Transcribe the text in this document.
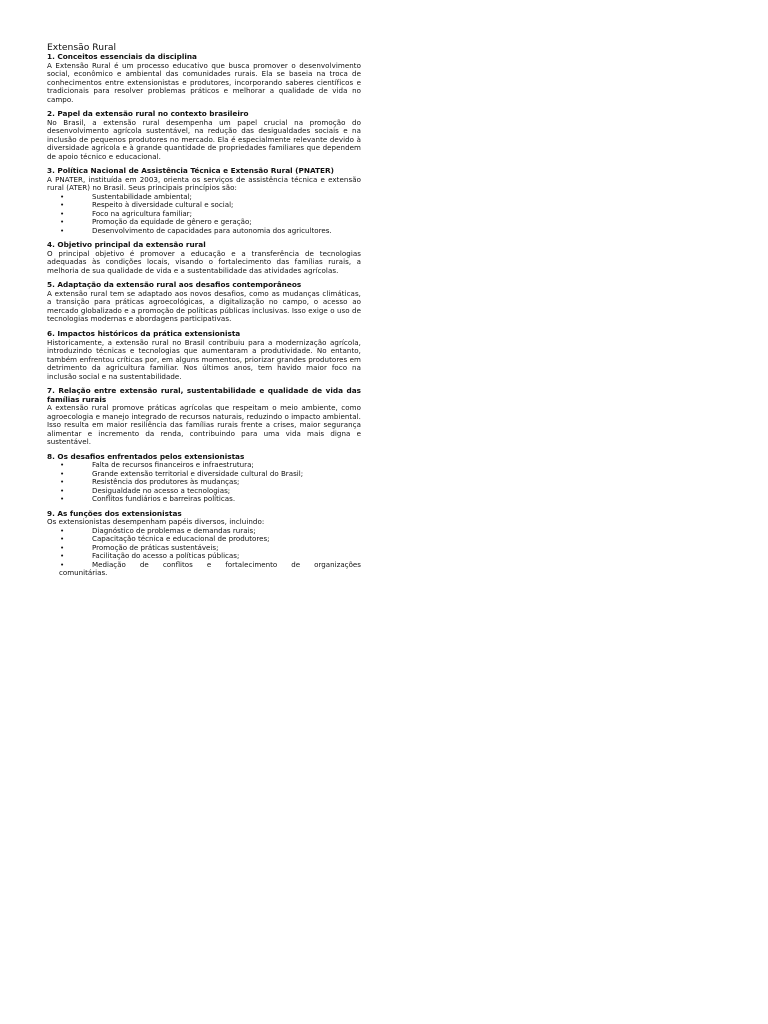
Extensão Rural
1. Conceitos essenciais da disciplina
A Extensão Rural é um processo educativo que busca promover o desenvolvimento social, econômico e ambiental das comunidades rurais. Ela se baseia na troca de conhecimentos entre extensionistas e produtores, incorporando saberes científicos e tradicionais para resolver problemas práticos e melhorar a qualidade de vida no campo.
2. Papel da extensão rural no contexto brasileiro
No Brasil, a extensão rural desempenha um papel crucial na promoção do desenvolvimento agrícola sustentável, na redução das desigualdades sociais e na inclusão de pequenos produtores no mercado. Ela é especialmente relevante devido à diversidade agrícola e à grande quantidade de propriedades familiares que dependem de apoio técnico e educacional.
3. Política Nacional de Assistência Técnica e Extensão Rural (PNATER)
A PNATER, instituída em 2003, orienta os serviços de assistência técnica e extensão rural (ATER) no Brasil. Seus principais princípios são:
•	Sustentabilidade ambiental;
•	Respeito à diversidade cultural e social;
•	Foco na agricultura familiar;
•	Promoção da equidade de gênero e geração;
•	Desenvolvimento de capacidades para autonomia dos agricultores.
4. Objetivo principal da extensão rural
O principal objetivo é promover a educação e a transferência de tecnologias adequadas às condições locais, visando o fortalecimento das famílias rurais, a melhoria de sua qualidade de vida e a sustentabilidade das atividades agrícolas.
5. Adaptação da extensão rural aos desafios contemporâneos
A extensão rural tem se adaptado aos novos desafios, como as mudanças climáticas, a transição para práticas agroecológicas, a digitalização no campo, o acesso ao mercado globalizado e a promoção de políticas públicas inclusivas. Isso exige o uso de tecnologias modernas e abordagens participativas.
6. Impactos históricos da prática extensionista
Historicamente, a extensão rural no Brasil contribuiu para a modernização agrícola, introduzindo técnicas e tecnologias que aumentaram a produtividade. No entanto, também enfrentou críticas por, em alguns momentos, priorizar grandes produtores em detrimento da agricultura familiar. Nos últimos anos, tem havido maior foco na inclusão social e na sustentabilidade.
7. Relação entre extensão rural, sustentabilidade e qualidade de vida das famílias rurais
A extensão rural promove práticas agrícolas que respeitam o meio ambiente, como agroecologia e manejo integrado de recursos naturais, reduzindo o impacto ambiental. Isso resulta em maior resiliência das famílias rurais frente a crises, maior segurança alimentar e incremento da renda, contribuindo para uma vida mais digna e sustentável.
8. Os desafios enfrentados pelos extensionistas
•	Falta de recursos financeiros e infraestrutura;
•	Grande extensão territorial e diversidade cultural do Brasil;
•	Resistência dos produtores às mudanças;
•	Desigualdade no acesso a tecnologias;
•	Conflitos fundiários e barreiras políticas.
9. As funções dos extensionistas
Os extensionistas desempenham papéis diversos, incluindo:
•	Diagnóstico de problemas e demandas rurais;
•	Capacitação técnica e educacional de produtores;
•	Promoção de práticas sustentáveis;
•	Facilitação do acesso a políticas públicas;
•	Mediação de conflitos e fortalecimento de organizações
comunitárias.
